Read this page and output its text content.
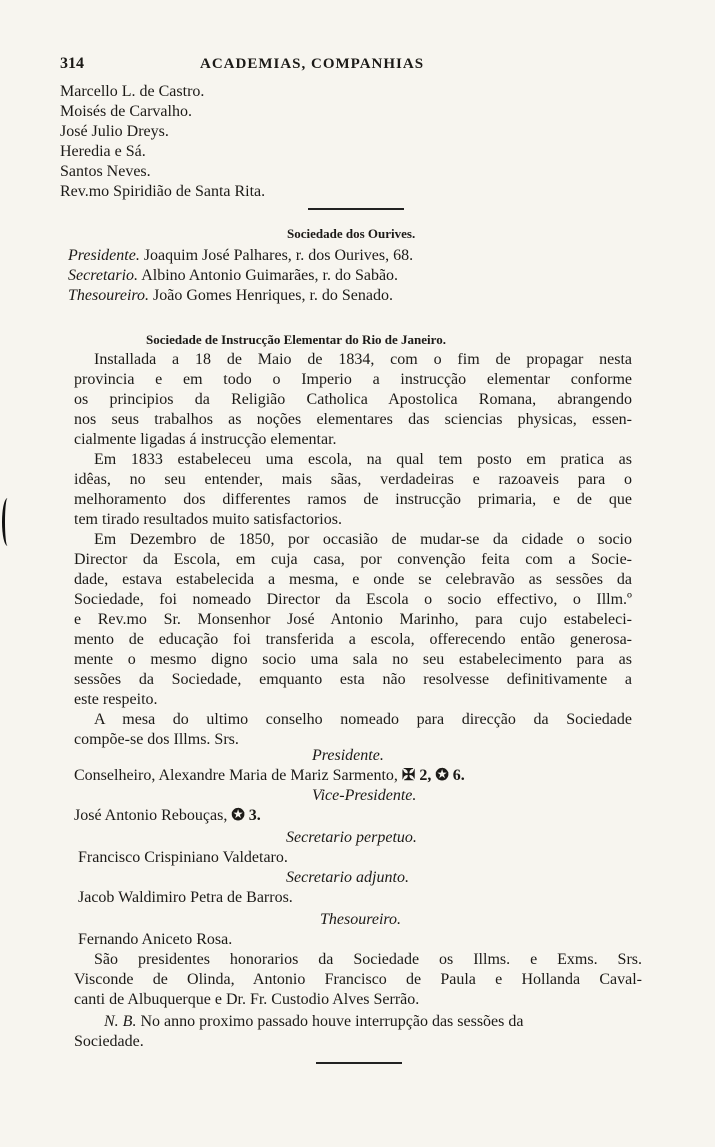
314	ACADEMIAS, COMPANHIAS
Marcello L. de Castro.
Moisés de Carvalho.
José Julio Dreys.
Heredia e Sá.
Santos Neves.
Rev.mo Spiridião de Santa Rita.
Sociedade dos Ourives.
Presidente. Joaquim José Palhares, r. dos Ourives, 68.
Secretario. Albino Antonio Guimarães, r. do Sabão.
Thesoureiro. João Gomes Henriques, r. do Senado.
Sociedade de Instrucção Elementar do Rio de Janeiro.
Installada a 18 de Maio de 1834, com o fim de propagar nesta
provincia e em todo o Imperio a instrucção elementar conforme
os principios da Religião Catholica Apostolica Romana, abrangendo
nos seus trabalhos as noções elementares das sciencias physicas, essen-
cialmente ligadas á instrucção elementar.
Em 1833 estabeleceu uma escola, na qual tem posto em pratica as
idêas, no seu entender, mais sãas, verdadeiras e razoaveis para o
melhoramento dos differentes ramos de instrucção primaria, e de que
tem tirado resultados muito satisfactorios.
Em Dezembro de 1850, por occasião de mudar-se da cidade o socio
Director da Escola, em cuja casa, por convenção feita com a Socie-
dade, estava estabelecida a mesma, e onde se celebravão as sessões da
Sociedade, foi nomeado Director da Escola o socio effectivo, o Illm.º
e Rev.mo Sr. Monsenhor José Antonio Marinho, para cujo estabeleci-
mento de educação foi transferida a escola, offerecendo então generosa-
mente o mesmo digno socio uma sala no seu estabelecimento para as
sessões da Sociedade, emquanto esta não resolvesse definitivamente a
este respeito.
A mesa do ultimo conselho nomeado para direcção da Sociedade
compõe-se dos Illms. Srs.
Presidente.
Conselheiro, Alexandre Maria de Mariz Sarmento, ✠ 2, ✪ 6.
Vice-Presidente.
José Antonio Rebouças, ✪ 3.
Secretario perpetuo.
Francisco Crispiniano Valdetaro.
Secretario adjunto.
Jacob Waldimiro Petra de Barros.
Thesoureiro.
Fernando Aniceto Rosa.
São presidentes honorarios da Sociedade os Illms. e Exms. Srs.
Visconde de Olinda, Antonio Francisco de Paula e Hollanda Caval-
canti de Albuquerque e Dr. Fr. Custodio Alves Serrão.
N. B. No anno proximo passado houve interrupção das sessões da
Sociedade.
